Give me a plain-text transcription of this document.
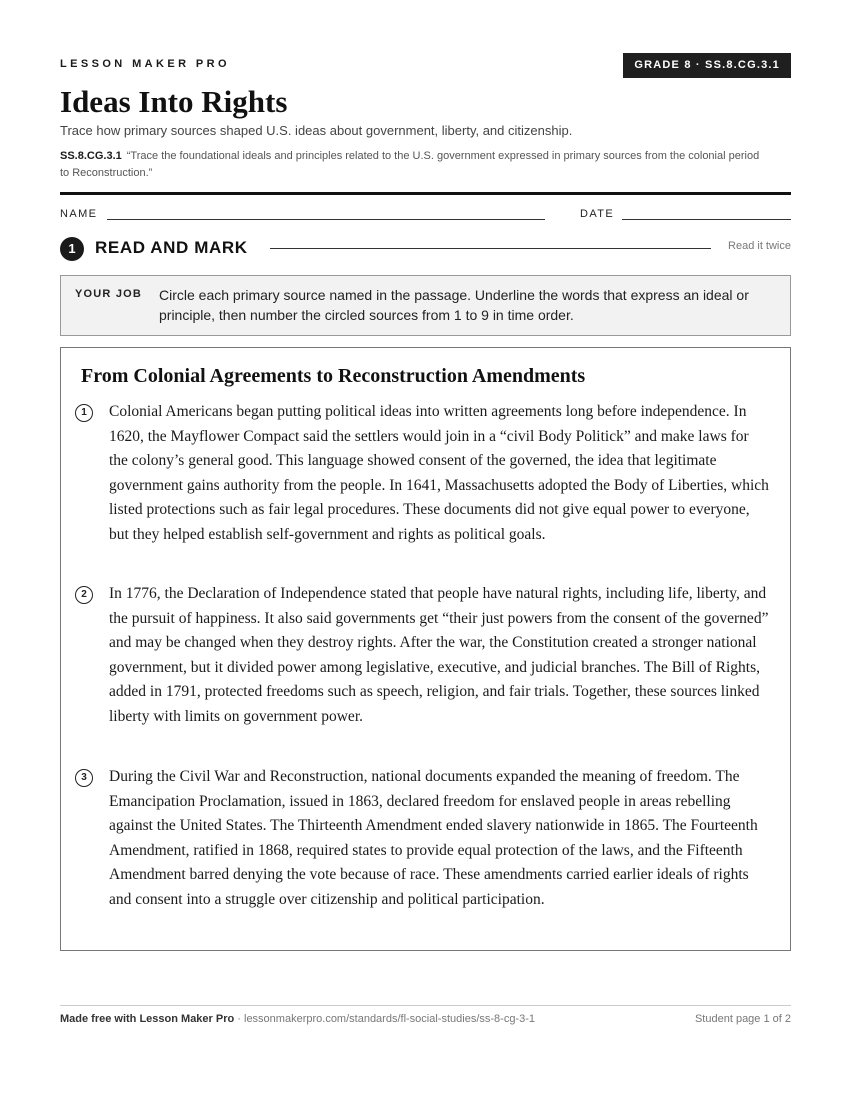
LESSON MAKER PRO	GRADE 8 · SS.8.CG.3.1
Ideas Into Rights
Trace how primary sources shaped U.S. ideas about government, liberty, and citizenship.
SS.8.CG.3.1 “Trace the foundational ideals and principles related to the U.S. government expressed in primary sources from the colonial period to Reconstruction.”
NAME	DATE
1	READ AND MARK	Read it twice
YOUR JOB Circle each primary source named in the passage. Underline the words that express an ideal or principle, then number the circled sources from 1 to 9 in time order.
From Colonial Agreements to Reconstruction Amendments
1	Colonial Americans began putting political ideas into written agreements long before independence. In 1620, the Mayflower Compact said the settlers would join in a “civil Body Politick” and make laws for the colony’s general good. This language showed consent of the governed, the idea that legitimate government gains authority from the people. In 1641, Massachusetts adopted the Body of Liberties, which listed protections such as fair legal procedures. These documents did not give equal power to everyone, but they helped establish self-government and rights as political goals.

2	In 1776, the Declaration of Independence stated that people have natural rights, including life, liberty, and the pursuit of happiness. It also said governments get “their just powers from the consent of the governed” and may be changed when they destroy rights. After the war, the Constitution created a stronger national government, but it divided power among legislative, executive, and judicial branches. The Bill of Rights, added in 1791, protected freedoms such as speech, religion, and fair trials. Together, these sources linked liberty with limits on government power.

3	During the Civil War and Reconstruction, national documents expanded the meaning of freedom. The Emancipation Proclamation, issued in 1863, declared freedom for enslaved people in areas rebelling against the United States. The Thirteenth Amendment ended slavery nationwide in 1865. The Fourteenth Amendment, ratified in 1868, required states to provide equal protection of the laws, and the Fifteenth Amendment barred denying the vote because of race. These amendments carried earlier ideals of rights and consent into a struggle over citizenship and political participation.

Made free with Lesson Maker Pro · lessonmakerpro.com/standards/fl-social-studies/ss-8-cg-3-1	Student page 1 of 2
